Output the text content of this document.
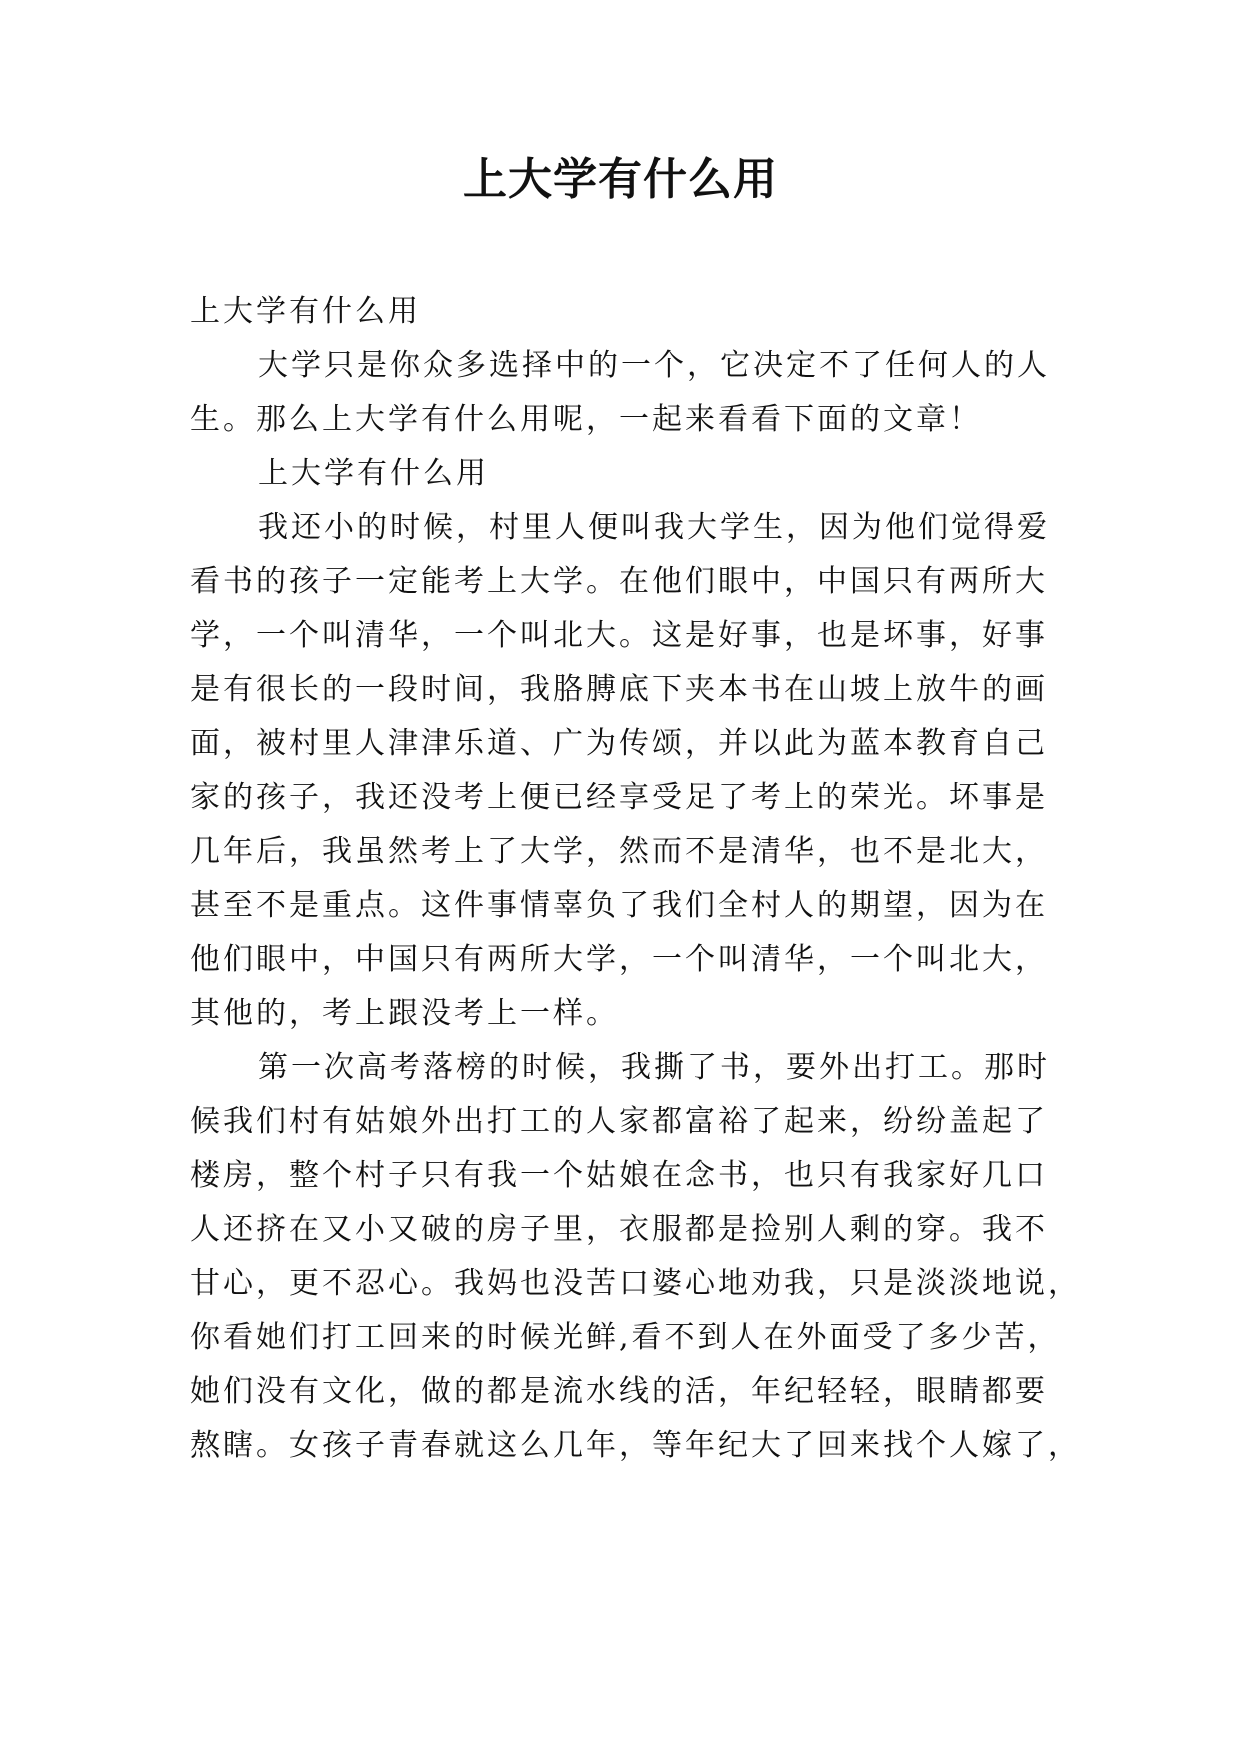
上大学有什么用
上大学有什么用
大学只是你众多选择中的一个，它决定不了任何人的人
生。那么上大学有什么用呢，一起来看看下面的文章！
上大学有什么用
我还小的时候，村里人便叫我大学生，因为他们觉得爱
看书的孩子一定能考上大学。在他们眼中，中国只有两所大
学，一个叫清华，一个叫北大。这是好事，也是坏事，好事
是有很长的一段时间，我胳膊底下夹本书在山坡上放牛的画
面，被村里人津津乐道、广为传颂，并以此为蓝本教育自己
家的孩子，我还没考上便已经享受足了考上的荣光。坏事是
几年后，我虽然考上了大学，然而不是清华，也不是北大，
甚至不是重点。这件事情辜负了我们全村人的期望，因为在
他们眼中，中国只有两所大学，一个叫清华，一个叫北大，
其他的，考上跟没考上一样。
第一次高考落榜的时候，我撕了书，要外出打工。那时
候我们村有姑娘外出打工的人家都富裕了起来，纷纷盖起了
楼房，整个村子只有我一个姑娘在念书，也只有我家好几口
人还挤在又小又破的房子里，衣服都是捡别人剩的穿。我不
甘心，更不忍心。我妈也没苦口婆心地劝我，只是淡淡地说，
你看她们打工回来的时候光鲜,看不到人在外面受了多少苦，
她们没有文化，做的都是流水线的活，年纪轻轻，眼睛都要
熬瞎。女孩子青春就这么几年，等年纪大了回来找个人嫁了，
